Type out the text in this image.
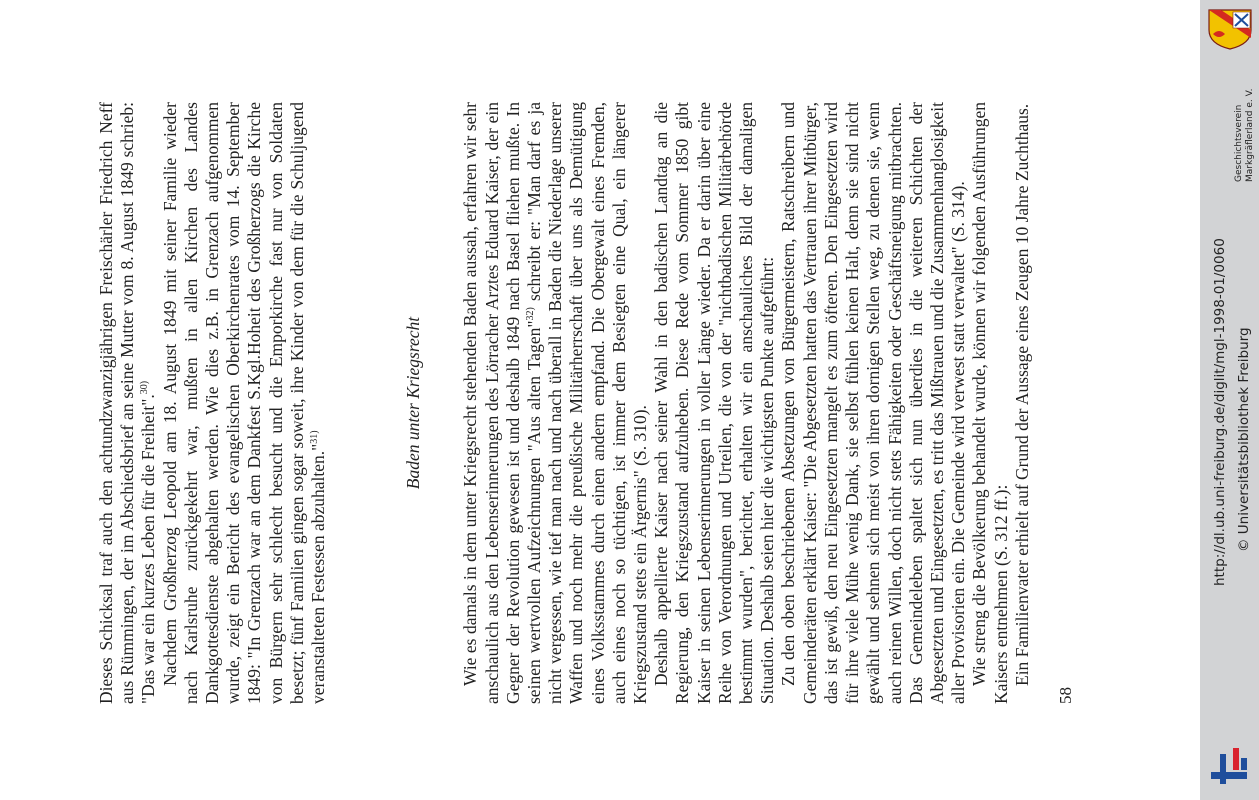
Dieses Schicksal traf auch den achtundzwanzigjährigen Freischärler Friedrich Neff aus Rümmingen, der im Abschiedsbrief an seine Mutter vom 8. August 1849 schrieb: "Das war ein kurzes Leben für die Freiheit".$^{30)}$ Nachdem Großherzog Leopold am 18. August 1849 mit seiner Familie wieder nach Karlsruhe zurückgekehrt war, mußten in allen Kirchen des Landes Dankgottesdienste abgehalten werden. Wie dies z.B. in Grenzach aufgenommen wurde, zeigt ein Bericht des evangelischen Oberkirchenrates vom 14. September 1849: "In Grenzach war an dem Dankfest S.Kgl.Hoheit des Großherzogs die Kirche von Bürgern sehr schlecht besucht und die Emporkirche fast nur von Soldaten besetzt; fünf Familien gingen sogar soweit, ihre Kinder von dem für die Schuljugend veranstalteten Festessen abzuhalten."$^{31)}$	Baden unter Kriegsrecht Wie es damals in dem unter Kriegsrecht stehenden Baden aussah, erfahren wir sehr anschaulich aus den Lebenserinnerungen des Lörracher Arztes Eduard Kaiser, der ein Gegner der Revolution gewesen ist und deshalb 1849 nach Basel fliehen mußte. In seinen wertvollen Aufzeichnungen "Aus alten Tagen"$^{32)}$ schreibt er: "Man darf es ja nicht vergessen, wie tief man nach und nach überall in Baden die Niederlage unserer Waffen und noch mehr die preußische Militärherrschaft über uns als Demütigung eines Volksstammes durch einen andern empfand. Die Obergewalt eines Fremden, auch eines noch so tüchtigen, ist immer dem Besiegten eine Qual, ein längerer Kriegszustand stets ein Ärgernis" (S. 310). Deshalb appellierte Kaiser nach seiner Wahl in den badischen Landtag an die Regierung, den Kriegszustand aufzuheben. Diese Rede vom Sommer 1850 gibt Kaiser in seinen Lebenserinnerungen in voller Länge wieder. Da er darin über eine Reihe von Verordnungen und Urteilen, die von der "nichtbadischen Militärbehörde bestimmt wurden", berichtet, erhalten wir ein anschauliches Bild der damaligen Situation. Deshalb seien hier die wichtigsten Punkte aufgeführt: Zu den oben beschriebenen Absetzungen von Bürgermeistern, Ratschreibern und Gemeinderäten erklärt Kaiser: "Die Abgesetzten hatten das Vertrauen ihrer Mitbürger, das ist gewiß, den neu Eingesetzten mangelt es zum öfteren. Den Eingesetzten wird für ihre viele Mühe wenig Dank, sie selbst fühlen keinen Halt, denn sie sind nicht gewählt und sehnen sich meist von ihren dornigen Stellen weg, zu denen sie, wenn auch reinen Willen, doch nicht stets Fähigkeiten oder Geschäftsneigung mitbrachten. Das Gemeindeleben spaltet sich nun überdies in die weiteren Schichten der Abgesetzten und Eingesetzten, es tritt das Mißtrauen und die Zusammenhanglosigkeit aller Provisorien ein. Die Gemeinde wird verwest statt verwaltet" (S. 314). Wie streng die Bevölkerung behandelt wurde, können wir folgenden Ausführungen Kaisers entnehmen (S. 312 ff.): Ein Familienvater erhielt auf Grund der Aussage eines Zeugen 10 Jahre Zuchthaus.

58
Geschichtsverein Markgräflerland e. V.
http://dl.ub.uni-freiburg.de/diglit/mgl-1998-01/0060 © Universitätsbibliothek Freiburg
